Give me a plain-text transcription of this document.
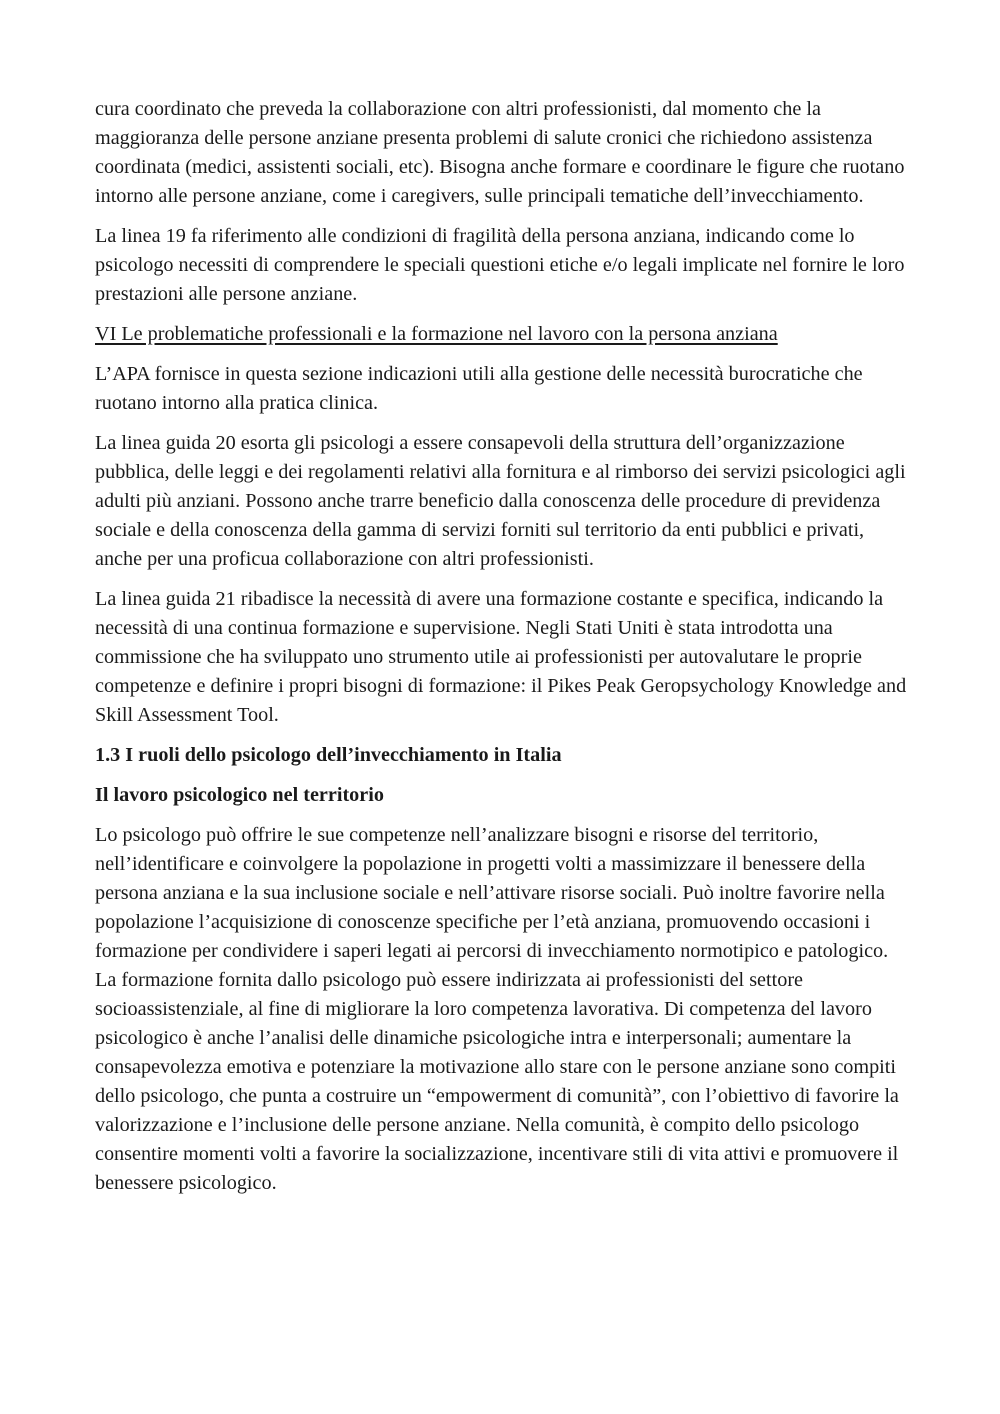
cura coordinato che preveda la collaborazione con altri professionisti, dal momento che la maggioranza delle persone anziane presenta problemi di salute cronici che richiedono assistenza coordinata (medici, assistenti sociali, etc). Bisogna anche formare e coordinare le figure che ruotano intorno alle persone anziane, come i caregivers, sulle principali tematiche dell’invecchiamento.

La linea 19 fa riferimento alle condizioni di fragilità della persona anziana, indicando come lo psicologo necessiti di comprendere le speciali questioni etiche e/o legali implicate nel fornire le loro prestazioni alle persone anziane.

VI Le problematiche professionali e la formazione nel lavoro con la persona anziana

L’APA fornisce in questa sezione indicazioni utili alla gestione delle necessità burocratiche che ruotano intorno alla pratica clinica.

La linea guida 20 esorta gli psicologi a essere consapevoli della struttura dell’organizzazione pubblica, delle leggi e dei regolamenti relativi alla fornitura e al rimborso dei servizi psicologici agli adulti più anziani. Possono anche trarre beneficio dalla conoscenza delle procedure di previdenza sociale e della conoscenza della gamma di servizi forniti sul territorio da enti pubblici e privati, anche per una proficua collaborazione con altri professionisti.

La linea guida 21 ribadisce la necessità di avere una formazione costante e specifica, indicando la necessità di una continua formazione e supervisione. Negli Stati Uniti è stata introdotta una commissione che ha sviluppato uno strumento utile ai professionisti per autovalutare le proprie competenze e definire i propri bisogni di formazione: il Pikes Peak Geropsychology Knowledge and Skill Assessment Tool.

1.3 I ruoli dello psicologo dell’invecchiamento in Italia

Il lavoro psicologico nel territorio

Lo psicologo può offrire le sue competenze nell’analizzare bisogni e risorse del territorio, nell’identificare e coinvolgere la popolazione in progetti volti a massimizzare il benessere della persona anziana e la sua inclusione sociale e nell’attivare risorse sociali. Può inoltre favorire nella popolazione l’acquisizione di conoscenze specifiche per l’età anziana, promuovendo occasioni i formazione per condividere i saperi legati ai percorsi di invecchiamento normotipico e patologico. La formazione fornita dallo psicologo può essere indirizzata ai professionisti del settore socioassistenziale, al fine di migliorare la loro competenza lavorativa. Di competenza del lavoro psicologico è anche l’analisi delle dinamiche psicologiche intra e interpersonali; aumentare la consapevolezza emotiva e potenziare la motivazione allo stare con le persone anziane sono compiti dello psicologo, che punta a costruire un “empowerment di comunità”, con l’obiettivo di favorire la valorizzazione e l’inclusione delle persone anziane. Nella comunità, è compito dello psicologo consentire momenti volti a favorire la socializzazione, incentivare stili di vita attivi e promuovere il benessere psicologico.
